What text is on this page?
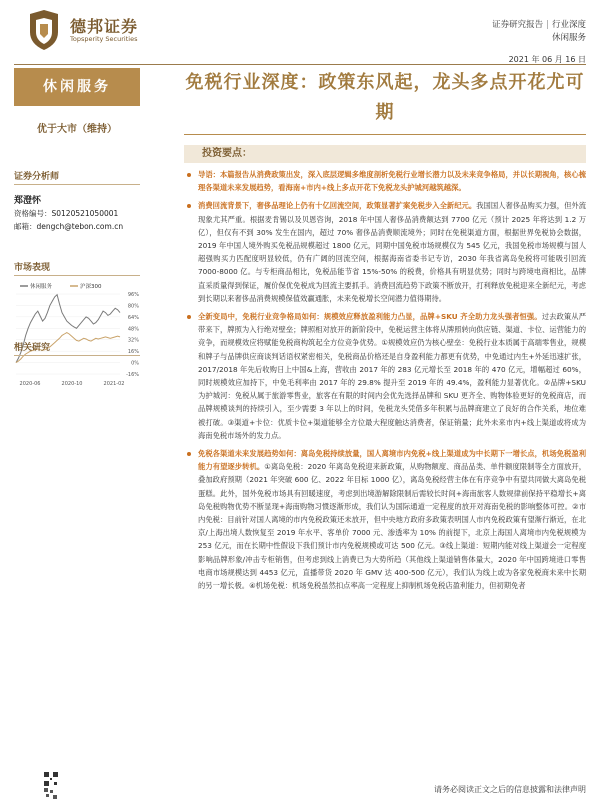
德邦证券
Topsperity Securities
证券研究报告 | 行业深度
休闲服务
2021 年 06 月 16 日
休闲服务
优于大市（维持）
证券分析师
郑澄怀
资格编号：S0120521050001
邮箱：dengch@tebon.com.cn
市场表现
96%
80%
64%
48%
32%
16%
0%
-16%
2020-06	2020-10	2021-02
休闲服务	沪深300
相关研究
免税行业深度：政策东风起，龙头多点开花尤可期
投资要点：
导语：本篇报告从消费政策出发，深入底层逻辑多维度剖析免税行业增长潜力以及未来竞争格局，并以长期视角，核心梳理各渠道未来发展趋势，看海南+市内+线上多点开花下免税龙头护城河越筑越深。
消费回流背景下，奢侈品理论上仍有十亿回流空间，政策显著扩案免税步入全新纪元。我国国人奢侈品购买力强，但外流现象尤其严重。根据麦肯锡以及贝恩咨询，2018 年中国人奢侈品消费额达到 7700 亿元（预计 2025 年将达到 1.2 万亿），但仅有不到 30% 发生在国内，超过 70% 奢侈品消费顺流境外；同时在免税渠道方面，根据世界免税协会数据，2019 年中国人境外购买免税品规模超过 1800 亿元，同期中国免税市场规模仅为 545 亿元，我国免税市场规模与国人超强购买力匹配度明显较低，仍有广阔的回流空间，根据海南省委书记专访，2030 年我省离岛免税将可能吸引回流 7000-8000 亿。与专柜商品相比，免税品能节省 15%-50% 的税费，价格具有明显优势；同时与跨境电商相比，品牌直采质量得到保证，履价保优免税成为回流主要抓手。消费回流趋势下政策不断放开，打利释放免税迎来全新纪元，考虑到长期以来奢侈品消费规模保值效赢通胀，未来免税增长空间潜力值得期待。
全新变局中，免税行业竞争格局如何：规模效应释放盈利能力凸显，品牌+SKU 齐全助力龙头强者恒强。过去政策从严带来下，牌照为入行绝对壁垒；牌照相对放开的新阶段中，免税运营主体将从牌照转向供应链、渠道、卡位、运营能力的竞争，而规模效应将赋能免税商构筑起全方位竞争优势。①规模效应仍为核心壁垒：免税行业本质属于高端零售业，规模和牌子与品牌供应商谈判话语权紧密相关，免税商品价格还是自身盈利能力都更有优势，中免通过内生+外延迅速扩张，2017/2018 年先后收购日上中国&上海，营收由 2017 年的 283 亿元增长至 2018 年的 470 亿元，增幅超过 60%，同时规模效应加持下，中免毛利率由 2017 年的 29.8% 提升至 2019 年的 49.4%，盈利能力显著优化。②品牌+SKU 为护城河：免税从属于旅游零售业，旅客在有限的时间内会优先选择品牌和 SKU 更齐全、购物体验更好的免税商店，而品牌规模谈判的持续引入，至少需要 3 年以上的时间，免税龙头凭借多年积累与品牌商建立了良好的合作关系，地位难被打破。③渠道+卡位：优质卡位+渠道能够全方位最大程度触达消费者，保证销量；此外未来市内+线上渠道或将成为海南免税市场外的发力点。
免税各渠道未来发展趋势如何：离岛免税持续放量，国人离境市内免税+线上渠道成为中长期下一增长点，机场免税盈利能力有望逐步转机。①离岛免税：2020 年离岛免税迎来新政策，从购物额度、商品品类、单件额度限制等全方面放开，叠加政府预期（2021 年突破 600 亿、2022 年目标 1000 亿），离岛免税经营主体在有序竞争中有望共同做大离岛免税蛋糕。此外，国外免税市场具有回暖速度，考虑到出境游解除限制后需较长时间+海南旅客人数规律前保持平稳增长+离岛免税购物优势不断显现+海南购物习惯逐渐形成，我们认为国际通道一定程度的放开对海南免税的影响整体可控。②市内免税：目前针对国人离境的市内免税政策还未放开，但中央地方政府多政策表明国人市内免税政策有望渐行渐近，在北京/上海出境人数恢复至 2019 年水平、客单价 7000 元、渗透率为 10% 的前提下，北京上海国人离境市内免税规模为 253 亿元，而在长期中性假设下我们预计市内免税规模或可达 500 亿元。③线上渠道：短期内能对线上渠道会一定程度影响品牌形象/冲击专柜销售，但考虑到线上消费已为大势所趋（其他线上渠道销售体量大，2020 年中国跨境进口零售电商市场规模达到 4453 亿元，直播带货 2020 年 GMV 达 400-500 亿元），我们认为线上或为各家免税商未来中长期的另一增长极。④机场免税：机场免税虽然扣点率高一定程度上抑制机场免税店盈利能力，但初期免者
请务必阅读正文之后的信息披露和法律声明
